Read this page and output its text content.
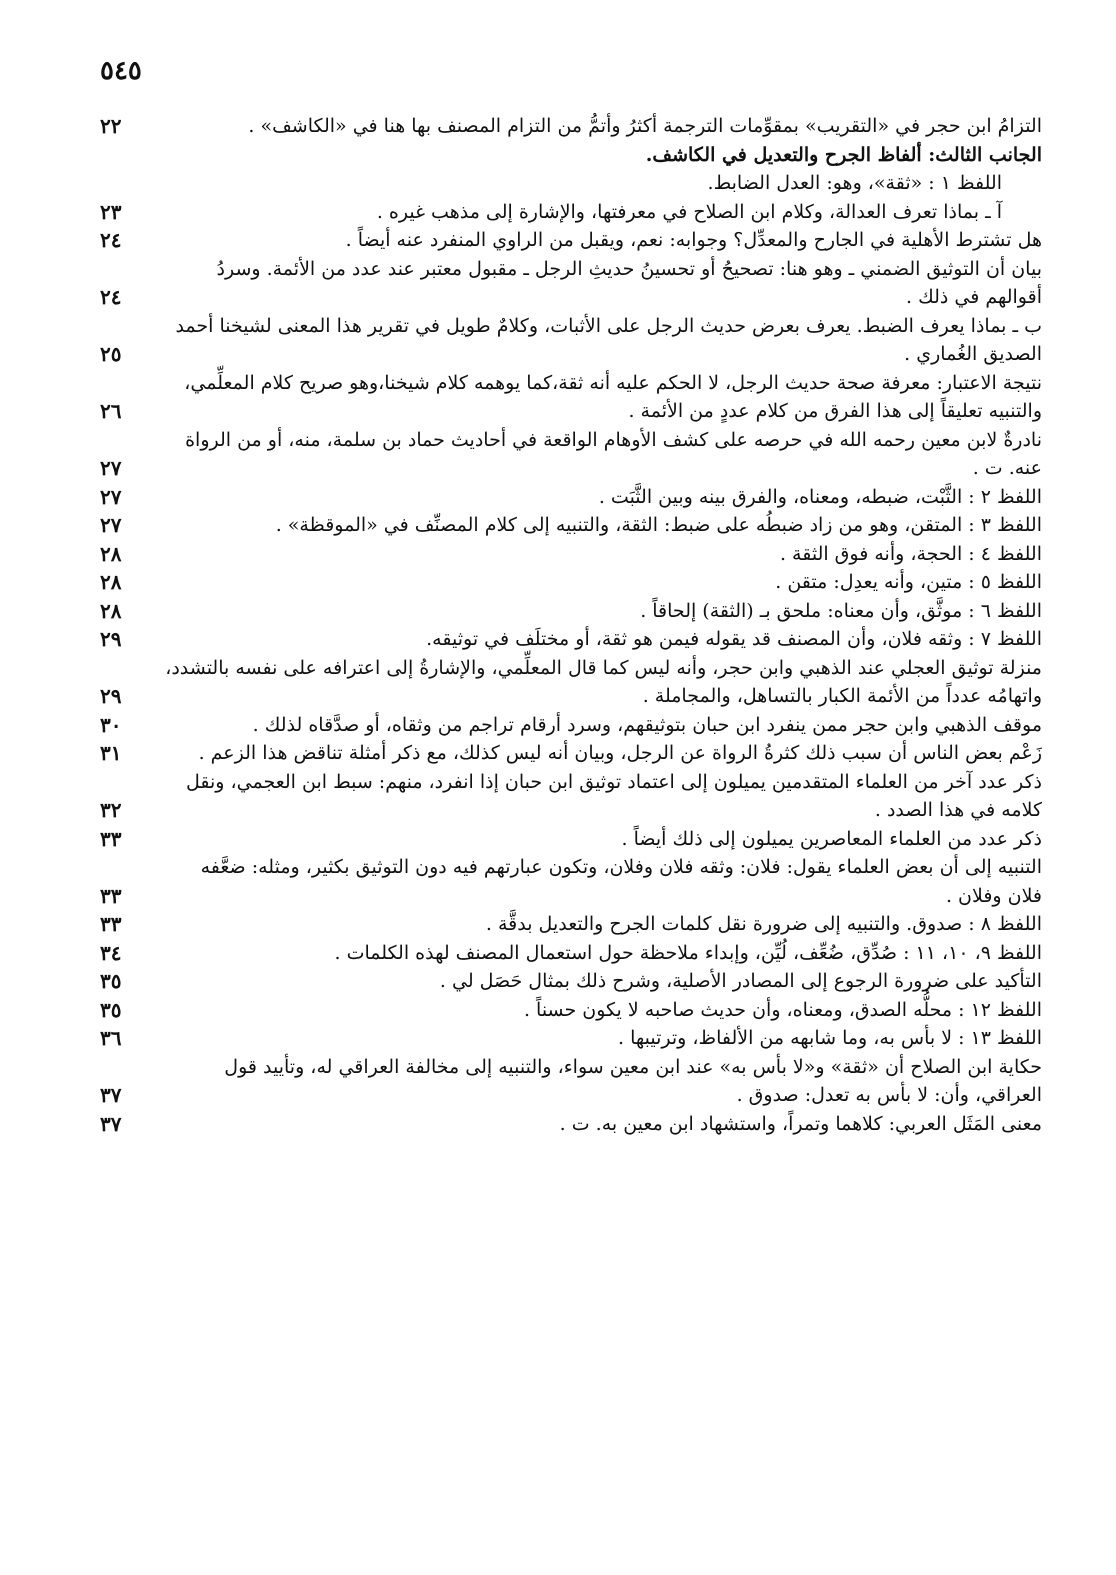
٥٤٥
التزامُ ابن حجر في «التقريب» بمقوِّمات الترجمة أكثرُ وأتمُّ من التزام المصنف بها هنا في «الكاشف» .
٢٢
الجانب الثالث: ألفاظ الجرح والتعديل في الكاشف.
اللفظ ١ : «ثقة»، وهو: العدل الضابط.
آ ـ بماذا تعرف العدالة، وكلام ابن الصلاح في معرفتها، والإشارة إلى مذهب غيره .
٢٣
هل تشترط الأهلية في الجارح والمعدِّل؟ وجوابه: نعم، ويقبل من الراوي المنفرد عنه أيضاً .
٢٤
بيان أن التوثيق الضمني ـ وهو هنا: تصحيحُ أو تحسينُ حديثِ الرجل ـ مقبول معتبر عند عدد من الأئمة. وسردُ أقوالهم في ذلك .
٢٤
ب ـ بماذا يعرف الضبط. يعرف بعرض حديث الرجل على الأثبات، وكلامٌ طويل في تقرير هذا المعنى لشيخنا أحمد الصديق الغُماري .
٢٥
نتيجة الاعتبار: معرفة صحة حديث الرجل، لا الحكم عليه أنه ثقة،كما يوهمه كلام شيخنا،وهو صريح كلام المعلِّمي، والتنبيه تعليقاً إلى هذا الفرق من كلام عددٍ من الأئمة .
٢٦
نادرةٌ لابن معين رحمه الله في حرصه على كشف الأوهام الواقعة في أحاديث حماد بن سلمة، منه، أو من الرواة عنه. ت .
٢٧
اللفظ ٢ : الثَّبْت، ضبطه، ومعناه، والفرق بينه وبين الثَّبَت .
٢٧
اللفظ ٣ : المتقن، وهو من زاد ضبطُه على ضبط: الثقة، والتنبيه إلى كلام المصنِّف في «الموقظة» .
٢٧
اللفظ ٤ : الحجة، وأنه فوق الثقة .
٢٨
اللفظ ٥ : متين، وأنه يعدِل: متقن .
٢٨
اللفظ ٦ : موثَّق، وأن معناه: ملحق بـ (الثقة) إلحاقاً .
٢٨
اللفظ ٧ : وثقه فلان، وأن المصنف قد يقوله فيمن هو ثقة، أو مختلَف في توثيقه.
٢٩
منزلة توثيق العجلي عند الذهبي وابن حجر، وأنه ليس كما قال المعلِّمي، والإشارةُ إلى اعترافه على نفسه بالتشدد، واتهامُه عدداً من الأئمة الكبار بالتساهل، والمجاملة .
٢٩
موقف الذهبي وابن حجر ممن ينفرد ابن حبان بتوثيقهم، وسرد أرقام تراجم من وثقاه، أو صدَّقاه لذلك .
٣٠
زَعْم بعض الناس أن سبب ذلك كثرةُ الرواة عن الرجل، وبيان أنه ليس كذلك، مع ذكر أمثلة تناقض هذا الزعم .
٣١
ذكر عدد آخر من العلماء المتقدمين يميلون إلى اعتماد توثيق ابن حبان إذا انفرد، منهم: سبط ابن العجمي، ونقل كلامه في هذا الصدد .
٣٢
ذكر عدد من العلماء المعاصرين يميلون إلى ذلك أيضاً .
٣٣
التنبيه إلى أن بعض العلماء يقول: فلان: وثقه فلان وفلان، وتكون عبارتهم فيه دون التوثيق بكثير، ومثله: ضعَّفه فلان وفلان .
٣٣
اللفظ ٨ : صدوق. والتنبيه إلى ضرورة نقل كلمات الجرح والتعديل بدقَّة .
٣٣
اللفظ ٩، ١٠، ١١ : صُدِّق، ضُعِّف، لُيِّن، وإبداء ملاحظة حول استعمال المصنف لهذه الكلمات .
٣٤
التأكيد على ضرورة الرجوع إلى المصادر الأصلية، وشرح ذلك بمثال حَصَل لي .
٣٥
اللفظ ١٢ : محلُّه الصدق، ومعناه، وأن حديث صاحبه لا يكون حسناً .
٣٥
اللفظ ١٣ : لا بأس به، وما شابهه من الألفاظ، وترتيبها .
٣٦
حكاية ابن الصلاح أن «ثقة» و«لا بأس به» عند ابن معين سواء، والتنبيه إلى مخالفة العراقي له، وتأييد قول العراقي، وأن: لا بأس به تعدل: صدوق .
٣٧
معنى المَثَل العربي: كلاهما وتمراً، واستشهاد ابن معين به. ت .
٣٧
